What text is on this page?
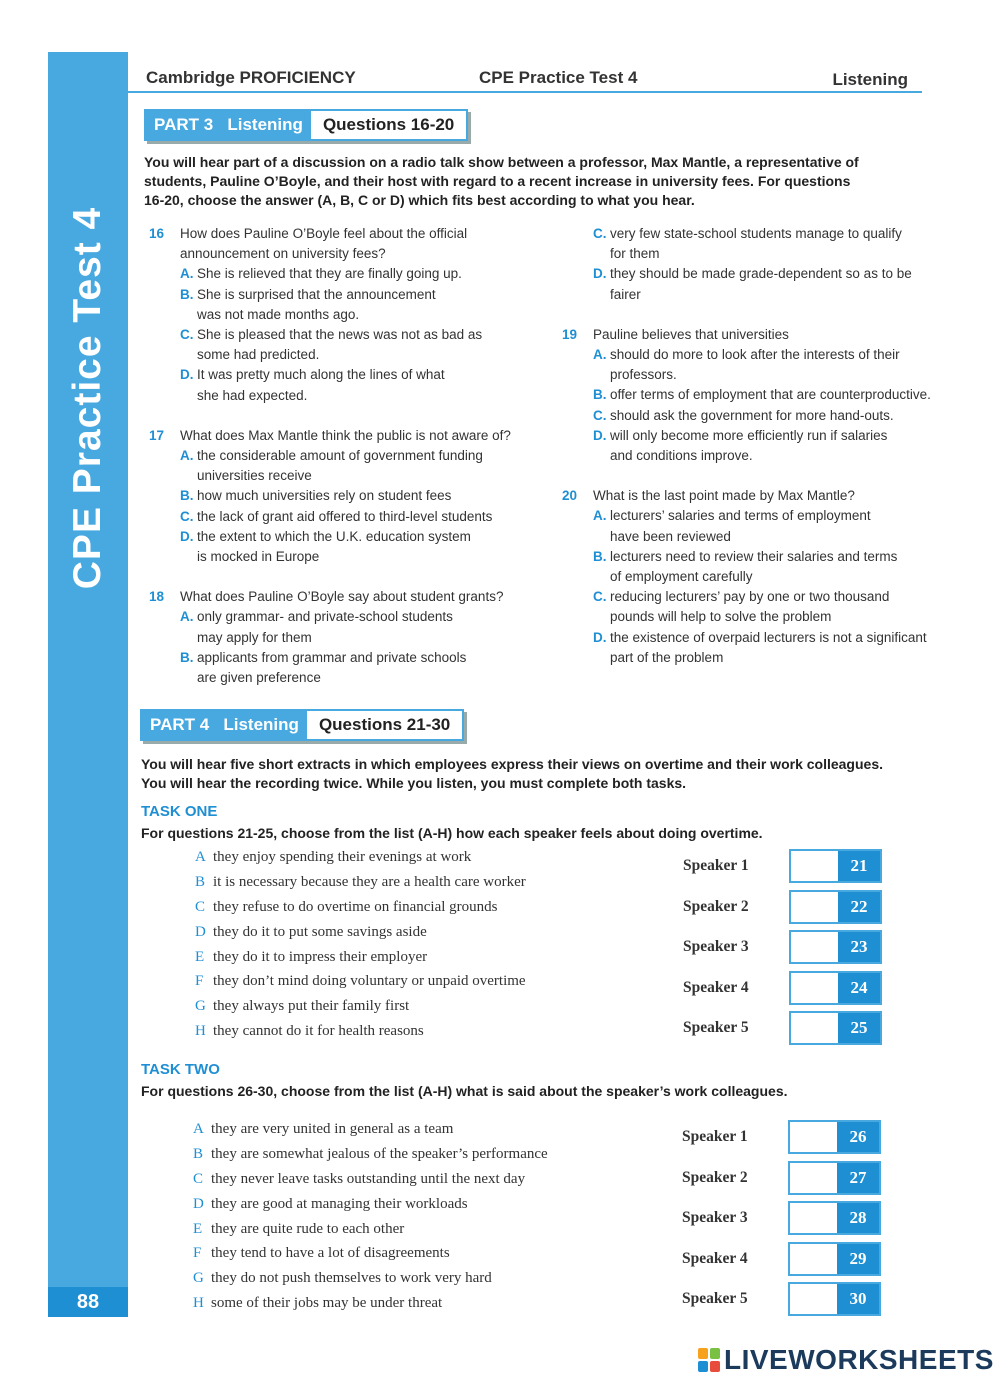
CPE Practice Test 4
88
Cambridge PROFICIENCY	CPE Practice Test 4	Listening
PART 3
Listening	Questions 16-20
You will hear part of a discussion on a radio talk show between a professor, Max Mantle, a representative of
students, Pauline O’Boyle, and their host with regard to a recent increase in university fees. For questions
16-20, choose the answer (A, B, C or D) which fits best according to what you hear.
16	How does Pauline O’Boyle feel about the official
announcement on university fees?
A. She is relieved that they are finally going up.
B. She is surprised that the announcement
was not made months ago.
C. She is pleased that the news was not as bad as
some had predicted.
D. It was pretty much along the lines of what
she had expected.
17	What does Max Mantle think the public is not aware of?
A. the considerable amount of government funding
universities receive
B. how much universities rely on student fees
C. the lack of grant aid offered to third-level students
D. the extent to which the U.K. education system
is mocked in Europe
18	What does Pauline O’Boyle say about student grants?
A. only grammar- and private-school students
may apply for them
B. applicants from grammar and private schools
are given preference
C. very few state-school students manage to qualify
for them
D. they should be made grade-dependent so as to be
fairer
19	Pauline believes that universities
A. should do more to look after the interests of their
professors.
B. offer terms of employment that are counterproductive.
C. should ask the government for more hand-outs.
D. will only become more efficiently run if salaries
and conditions improve.
20	What is the last point made by Max Mantle?
A. lecturers’ salaries and terms of employment
have been reviewed
B. lecturers need to review their salaries and terms
of employment carefully
C. reducing lecturers’ pay by one or two thousand
pounds will help to solve the problem
D. the existence of overpaid lecturers is not a significant
part of the problem
PART 4
Listening	Questions 21-30
You will hear five short extracts in which employees express their views on overtime and their work colleagues.
You will hear the recording twice. While you listen, you must complete both tasks.
TASK ONE
For questions 21-25, choose from the list (A-H) how each speaker feels about doing overtime.
A they enjoy spending their evenings at work
B it is necessary because they are a health care worker
C they refuse to do overtime on financial grounds
D they do it to put some savings aside
E they do it to impress their employer
F they don’t mind doing voluntary or unpaid overtime
G they always put their family first
H they cannot do it for health reasons
Speaker 1	21
Speaker 2	22
Speaker 3	23
Speaker 4	24
Speaker 5	25
TASK TWO
For questions 26-30, choose from the list (A-H) what is said about the speaker’s work colleagues.
A they are very united in general as a team
B they are somewhat jealous of the speaker’s performance
C they never leave tasks outstanding until the next day
D they are good at managing their workloads
E they are quite rude to each other
F they tend to have a lot of disagreements
G they do not push themselves to work very hard
H some of their jobs may be under threat
Speaker 1	26
Speaker 2	27
Speaker 3	28
Speaker 4	29
Speaker 5	30
LIVEWORKSHEETS
